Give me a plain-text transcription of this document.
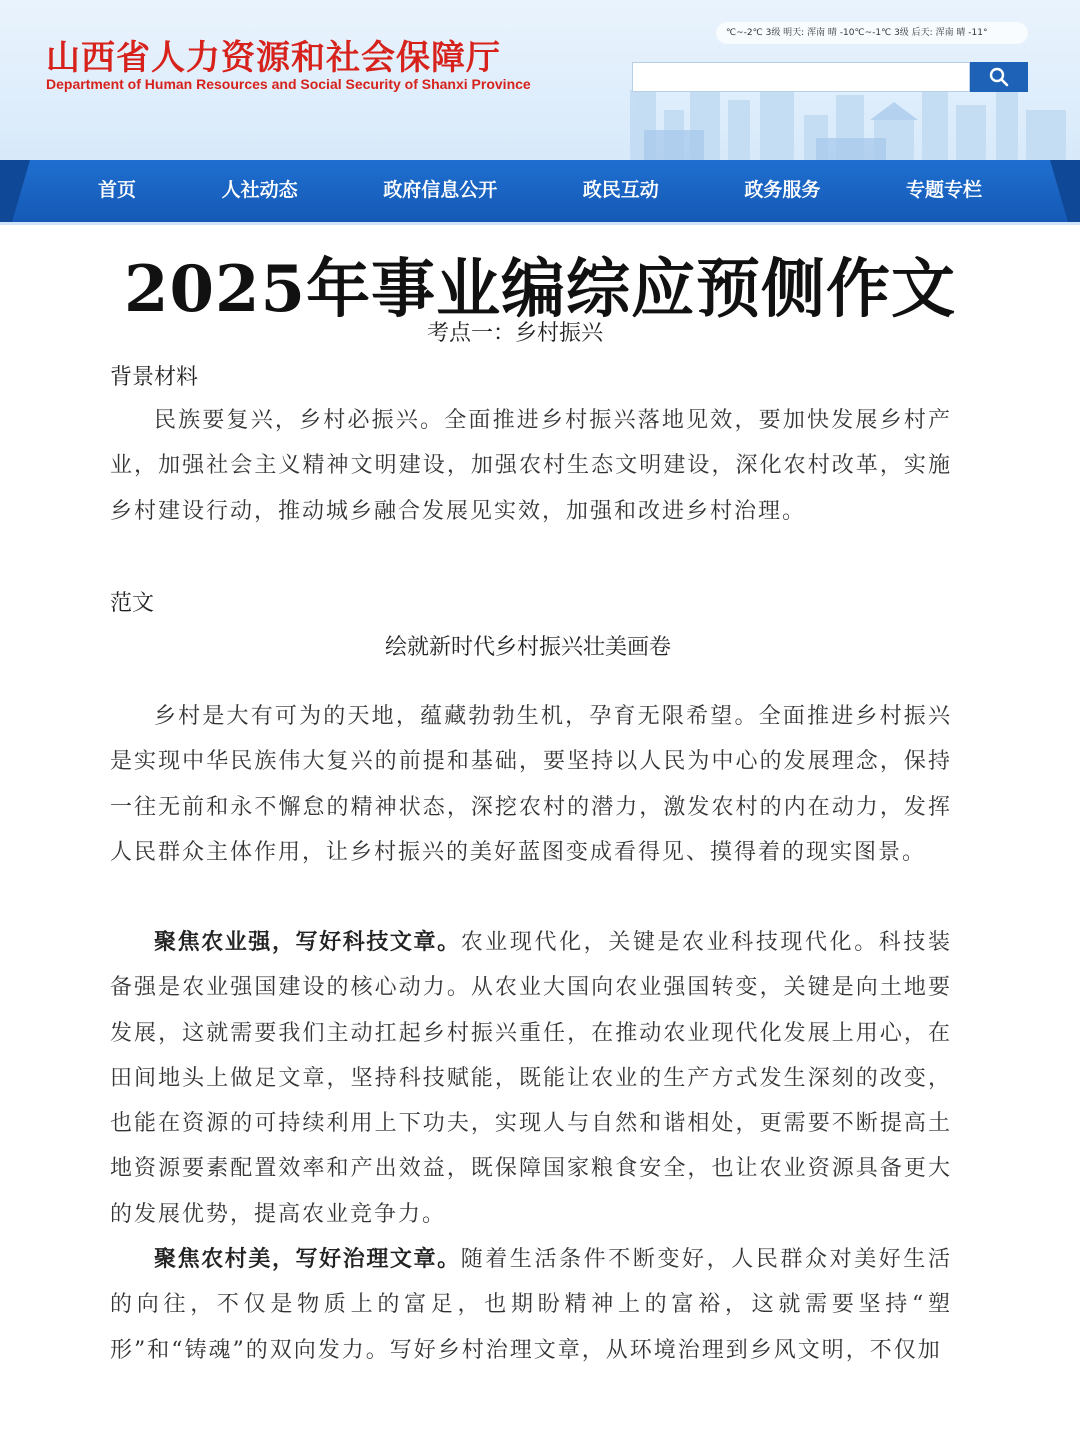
山西省人力资源和社会保障厅
Department of Human Resources and Social Security of Shanxi Province
℃~-2℃ 3级 明天: 浑南 晴 -10℃~-1℃ 3级 后天: 浑南 晴 -11°
首页	人社动态	政府信息公开	政民互动	政务服务	专题专栏
2025年事业编综应预侧作文
考点一：乡村振兴
背景材料

民族要复兴，乡村必振兴。全面推进乡村振兴落地见效，要加快发展乡村产业，加强社会主义精神文明建设，加强农村生态文明建设，深化农村改革，实施乡村建设行动，推动城乡融合发展见实效，加强和改进乡村治理。

范文
绘就新时代乡村振兴壮美画卷

乡村是大有可为的天地，蕴藏勃勃生机，孕育无限希望。全面推进乡村振兴是实现中华民族伟大复兴的前提和基础，要坚持以人民为中心的发展理念，保持一往无前和永不懈怠的精神状态，深挖农村的潜力，激发农村的内在动力，发挥人民群众主体作用，让乡村振兴的美好蓝图变成看得见、摸得着的现实图景。

聚焦农业强，写好科技文章。农业现代化，关键是农业科技现代化。科技装备强是农业强国建设的核心动力。从农业大国向农业强国转变，关键是向土地要发展，这就需要我们主动扛起乡村振兴重任，在推动农业现代化发展上用心，在田间地头上做足文章，坚持科技赋能，既能让农业的生产方式发生深刻的改变，也能在资源的可持续利用上下功夫，实现人与自然和谐相处，更需要不断提高土地资源要素配置效率和产出效益，既保障国家粮食安全，也让农业资源具备更大的发展优势，提高农业竞争力。

聚焦农村美，写好治理文章。随着生活条件不断变好，人民群众对美好生活的向往，不仅是物质上的富足，也期盼精神上的富裕，这就需要坚持“塑形”和“铸魂”的双向发力。写好乡村治理文章，从环境治理到乡风文明，不仅加
